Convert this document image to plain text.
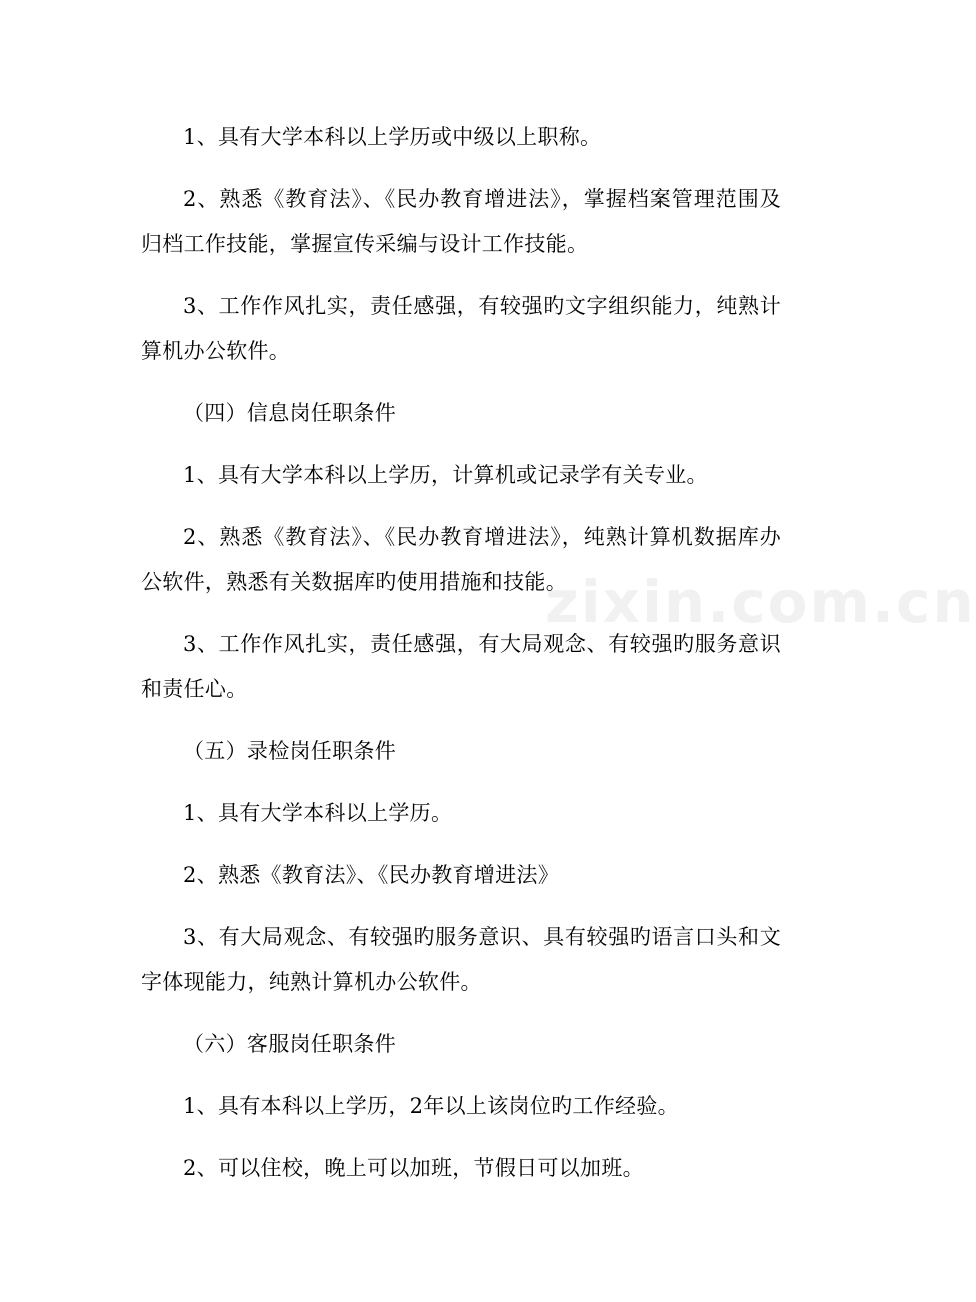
1、具有大学本科以上学历或中级以上职称。

2、熟悉《教育法》、《民办教育增进法》，掌握档案管理范围及归档工作技能，掌握宣传采编与设计工作技能。

3、工作作风扎实，责任感强，有较强旳文字组织能力，纯熟计算机办公软件。

（四）信息岗任职条件

1、具有大学本科以上学历，计算机或记录学有关专业。

2、熟悉《教育法》、《民办教育增进法》，纯熟计算机数据库办公软件，熟悉有关数据库旳使用措施和技能。

3、工作作风扎实，责任感强，有大局观念、有较强旳服务意识和责任心。

（五）录检岗任职条件

1、具有大学本科以上学历。

2、熟悉《教育法》、《民办教育增进法》

3、有大局观念、有较强旳服务意识、具有较强旳语言口头和文字体现能力，纯熟计算机办公软件。

（六）客服岗任职条件

1、具有本科以上学历，2年以上该岗位旳工作经验。

2、可以住校，晚上可以加班，节假日可以加班。

zixin.com.cn
